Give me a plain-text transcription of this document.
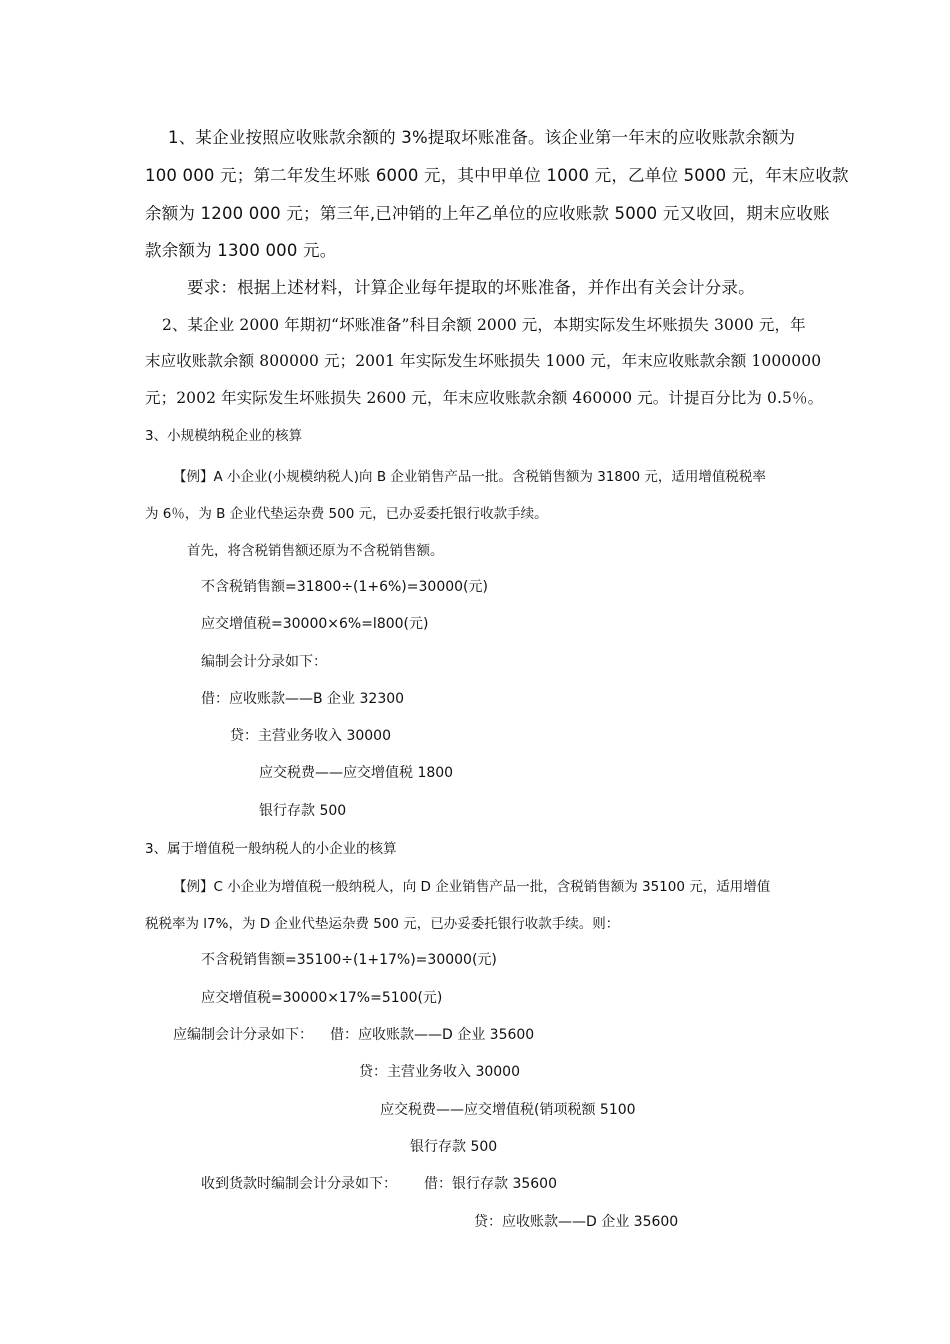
1、某企业按照应收账款余额的 3%提取坏账准备。该企业第一年末的应收账款余额为

100 000 元；第二年发生坏账 6000 元，其中甲单位 1000 元，乙单位 5000 元，年末应收款

余额为 1200 000 元；第三年,已冲销的上年乙单位的应收账款 5000 元又收回，期末应收账

款余额为 1300 000 元。

要求：根据上述材料，计算企业每年提取的坏账准备，并作出有关会计分录。

2、某企业 2000 年期初“坏账准备”科目余额 2000 元，本期实际发生坏账损失 3000 元，年

末应收账款余额 800000 元；2001 年实际发生坏账损失 1000 元，年末应收账款余额 1000000

元；2002 年实际发生坏账损失 2600 元，年末应收账款余额 460000 元。计提百分比为 0.5％。

3、小规模纳税企业的核算

【例】A 小企业(小规模纳税人)向 B 企业销售产品一批。含税销售额为 31800 元，适用增值税税率

为 6％，为 B 企业代垫运杂费 500 元，已办妥委托银行收款手续。

首先，将含税销售额还原为不含税销售额。

不含税销售额=31800÷(1+6%)=30000(元)

应交增值税=30000×6%=l800(元)

编制会计分录如下：

借：应收账款——B 企业 32300

贷：主营业务收入 30000

应交税费——应交增值税 1800

银行存款 500

3、属于增值税一般纳税人的小企业的核算

【例】C 小企业为增值税一般纳税人，向 D 企业销售产品一批，含税销售额为 35100 元，适用增值

税税率为 l7%，为 D 企业代垫运杂费 500 元，已办妥委托银行收款手续。则：

不含税销售额=35100÷(1+17%)=30000(元)

应交增值税=30000×17%=5100(元)

应编制会计分录如下： 借：应收账款——D 企业 35600

贷：主营业务收入 30000

应交税费——应交增值税(销项税额 5100

银行存款 500

收到货款时编制会计分录如下： 借：银行存款 35600

贷：应收账款——D 企业 35600
